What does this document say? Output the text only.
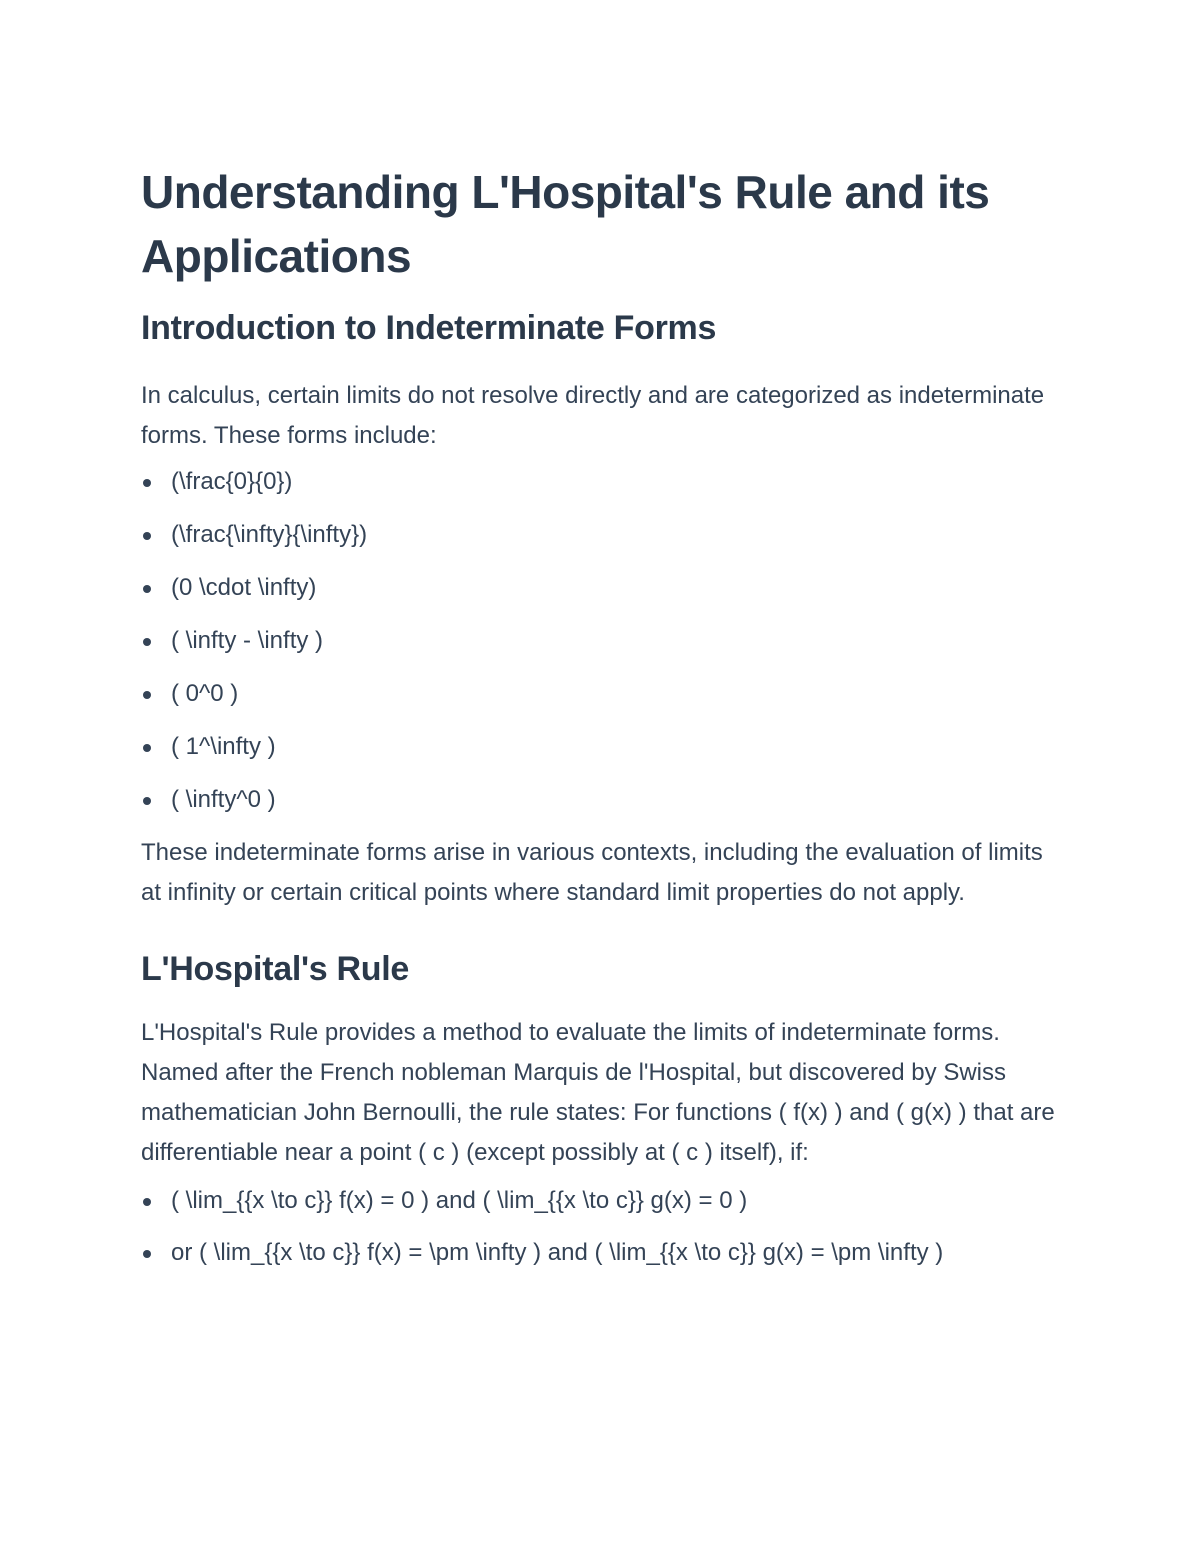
Understanding L'Hospital's Rule and its Applications
Introduction to Indeterminate Forms

In calculus, certain limits do not resolve directly and are categorized as indeterminate forms. These forms include:

(\frac{0}{0})
(\frac{\infty}{\infty})
(0 \cdot \infty)
( \infty - \infty )
( 0^0 )
( 1^\infty )
( \infty^0 )

These indeterminate forms arise in various contexts, including the evaluation of limits at infinity or certain critical points where standard limit properties do not apply.

L'Hospital's Rule

L'Hospital's Rule provides a method to evaluate the limits of indeterminate forms. Named after the French nobleman Marquis de l'Hospital, but discovered by Swiss mathematician John Bernoulli, the rule states: For functions ( f(x) ) and ( g(x) ) that are differentiable near a point ( c ) (except possibly at ( c ) itself), if:

( \lim_{{x \to c}} f(x) = 0 ) and ( \lim_{{x \to c}} g(x) = 0 )
or ( \lim_{{x \to c}} f(x) = \pm \infty ) and ( \lim_{{x \to c}} g(x) = \pm \infty )
